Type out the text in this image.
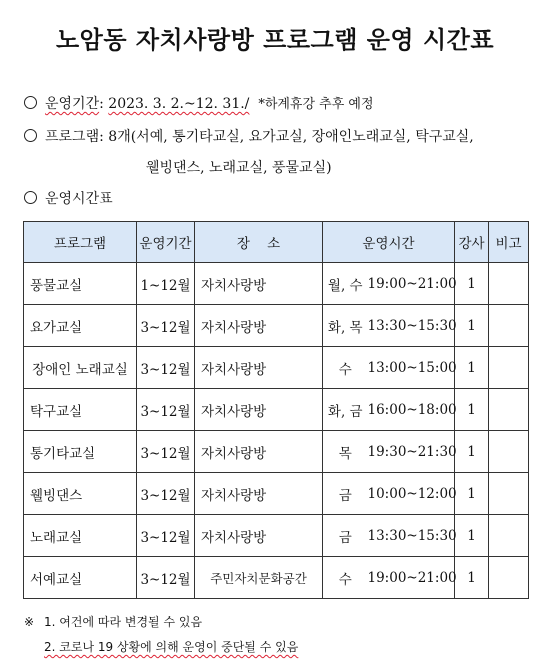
노암동 자치사랑방 프로그램 운영 시간표
운영기간: 2023. 3. 2.~12. 31./ *하계휴강 추후 예정
프로그램: 8개(서예, 통기타교실, 요가교실, 장애인노래교실, 탁구교실,
웰빙댄스, 노래교실, 풍물교실)
운영시간표
프로그램	운영기간	장    소	운영시간		강사	비고
풍물교실	1~12월	자치사랑방	월, 수	19:00~21:00	1	
요가교실	3~12월	자치사랑방	화, 목	13:30~15:30	1	
장애인 노래교실	3~12월	자치사랑방	수	13:00~15:00	1	
탁구교실	3~12월	자치사랑방	화, 금	16:00~18:00	1	
통기타교실	3~12월	자치사랑방	목	19:30~21:30	1	
웰빙댄스	3~12월	자치사랑방	금	10:00~12:00	1	
노래교실	3~12월	자치사랑방	금	13:30~15:30	1	
서예교실	3~12월	주민자치문화공간	수	19:00~21:00	1	
※ 1. 여건에 따라 변경될 수 있음
2. 코로나 19 상황에 의해 운영이 중단될 수 있음
